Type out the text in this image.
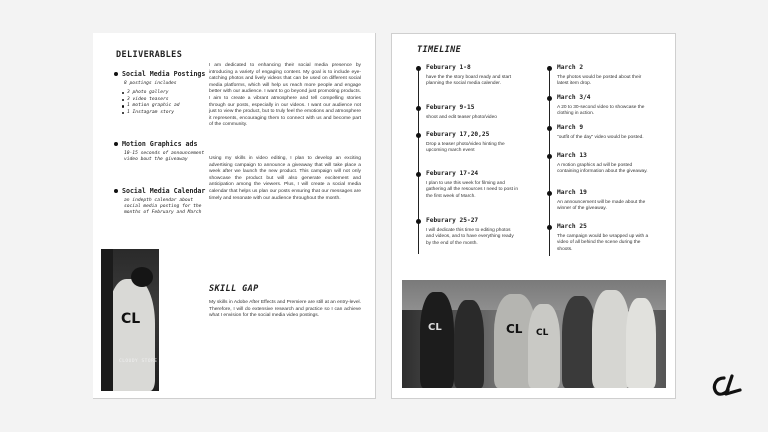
DELIVERABLES
Social Media Postings
8 postings includes
3 photo gallery
3 video teasers
1 motion graphic ad
1 Instagram story
Motion Graphics ads
10-15 seconds of announcement video bout the giveaway
Social Media Calendar
an indepth calendar about social media posting for the months of February and March
I am dedicated to enhancing their social media presence by introducing a variety of engaging content. My goal is to include eye-catching photos and lively videos that can be used on different social media platforms, which will help us reach more people and engage better with our audience. I want to go beyond just promoting products. I aim to create a vibrant atmosphere and tell compelling stories through our posts, especially in our videos. I want our audience not just to view the product, but to truly feel the emotions and atmosphere it represents, encouraging them to connect with us and become part of the community.
Using my skills in video editing, I plan to develop an exciting advertising campaign to announce a giveaway that will take place a week after we launch the new product. This campaign will not only showcase the product but will also generate excitement and anticipation among the viewers. Plus, I will create a social media calendar that helps us plan our posts ensuring that our messages are timely and resonate with our audience throughout the month.
CL
CLOUDY STORE
SKILL GAP
My skills in Adobe After Effects and Premiere are still at an entry-level. Therefore, I will do extensive research and practice so I can achieve what I envision for the social media video postings.
TIMELINE
Feburary 1-8
have the the story board ready and start planning the social media calender.
Feburary 9-15
shoot and edit teaser photo/video
Feburary 17,20,25
Drop a teaser photo/video hinting the upcoming march event
Feburary 17-24
I plan to use this week for filming and gathering all the resources I need to post in the first week of March.
Feburary 25-27
I will dedicate this time to editing photos and videos, and to have everything ready by the end of the month.
March 2
The photos would be posted about their latest item drop.
March 3/4
A 20 to 30-second video to showcase the clothing in action.
March 9
"outfit of the day" video would be posted.
March 13
A motion graphics ad will be posted containing information about the giveaway.
March 19
An announcement will be made about the winner of the giveaway.
March 25
The campaign would be wrapped up with a video of all behind the scene during the shoots.
CL CL
CL
